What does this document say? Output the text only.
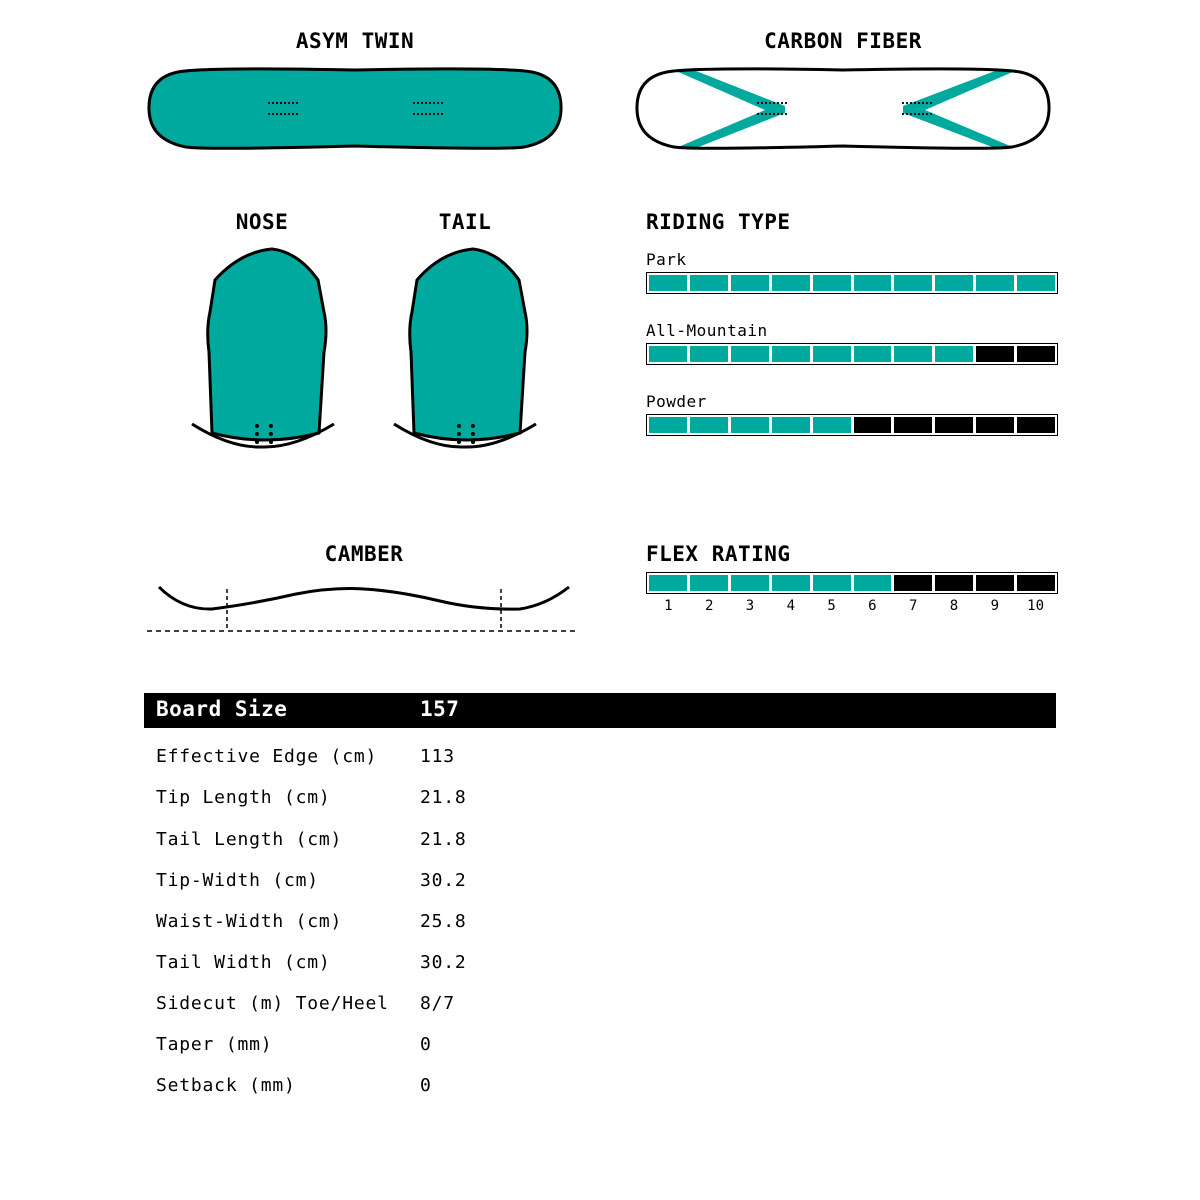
ASYM TWIN	CARBON FIBER
NOSE	TAIL	RIDING TYPE
Park
All-Mountain
Powder
CAMBER	FLEX RATING
1 2 3 4 5 6 7 8 9 10
Board Size	157
Effective Edge (cm) 113
Tip Length (cm)	21.8
Tail Length (cm)	21.8
Tip-Width (cm)	30.2
Waist-Width (cm)	25.8
Tail Width (cm)	30.2
Sidecut (m) Toe/Heel 8/7
Taper (mm)	0
Setback (mm)	0
